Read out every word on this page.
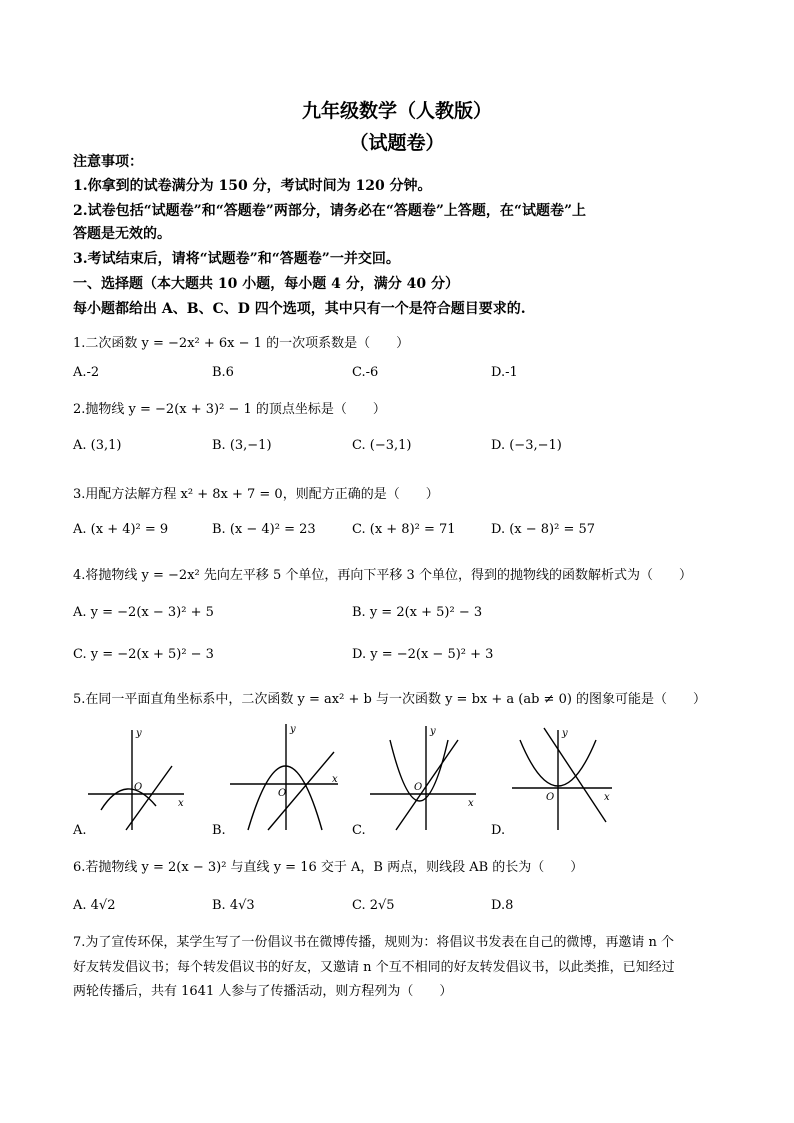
九年级数学（人教版）
（试题卷）
注意事项：
1.你拿到的试卷满分为 150 分，考试时间为 120 分钟。
2.试卷包括“试题卷”和“答题卷”两部分，请务必在“答题卷”上答题，在“试题卷”上
答题是无效的。
3.考试结束后，请将“试题卷”和“答题卷”一并交回。
一、选择题（本大题共 10 小题，每小题 4 分，满分 40 分）
每小题都给出 A、B、C、D 四个选项，其中只有一个是符合题目要求的.
1.二次函数 y = −2x² + 6x − 1 的一次项系数是（　　）
A.-2	B.6	C.-6	D.-1
2.抛物线 y = −2(x + 3)² − 1 的顶点坐标是（　　）
A. (3,1)	B. (3,−1)	C. (−3,1)	D. (−3,−1)
3.用配方法解方程 x² + 8x + 7 = 0，则配方正确的是（　　）
A. (x + 4)² = 9	B. (x − 4)² = 23	C. (x + 8)² = 71	D. (x − 8)² = 57
4.将抛物线 y = −2x² 先向左平移 5 个单位，再向下平移 3 个单位，得到的抛物线的函数解析式为（　　）
A. y = −2(x − 3)² + 5	B. y = 2(x + 5)² − 3
C. y = −2(x + 5)² − 3	D. y = −2(x − 5)² + 3
5.在同一平面直角坐标系中，二次函数 y = ax² + b 与一次函数 y = bx + a (ab ≠ 0) 的图象可能是（　　）
y
x
O
A.
y
x
O
B.
y
x
O
C.
y
x
O
D.
6.若抛物线 y = 2(x − 3)² 与直线 y = 16 交于 A，B 两点，则线段 AB 的长为（　　）
A. 4√2	B. 4√3	C. 2√5	D.8
7.为了宣传环保，某学生写了一份倡议书在微博传播，规则为：将倡议书发表在自己的微博，再邀请 n 个
好友转发倡议书；每个转发倡议书的好友，又邀请 n 个互不相同的好友转发倡议书，以此类推，已知经过
两轮传播后，共有 1641 人参与了传播活动，则方程列为（　　）
